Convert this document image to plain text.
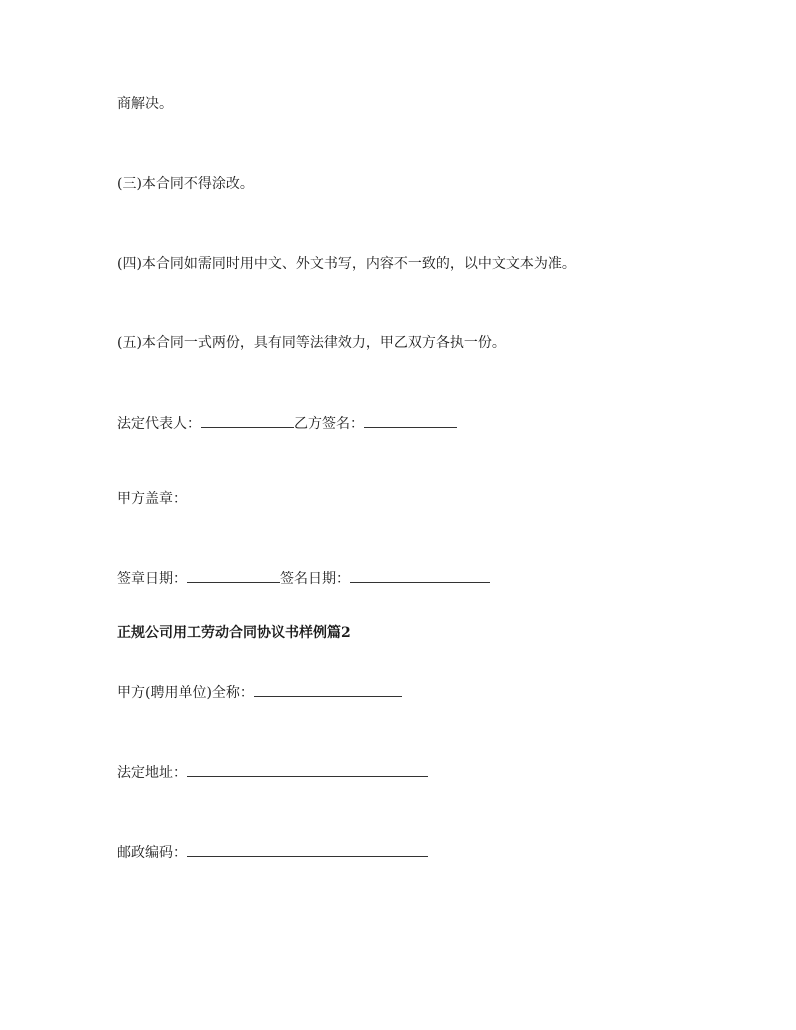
商解决。
(三)本合同不得涂改。
(四)本合同如需同时用中文、外文书写，内容不一致的，以中文文本为准。
(五)本合同一式两份，具有同等法律效力，甲乙双方各执一份。
法定代表人：	乙方签名：
甲方盖章：
签章日期：	签名日期：
正规公司用工劳动合同协议书样例篇2
甲方(聘用单位)全称：
法定地址：
邮政编码：
